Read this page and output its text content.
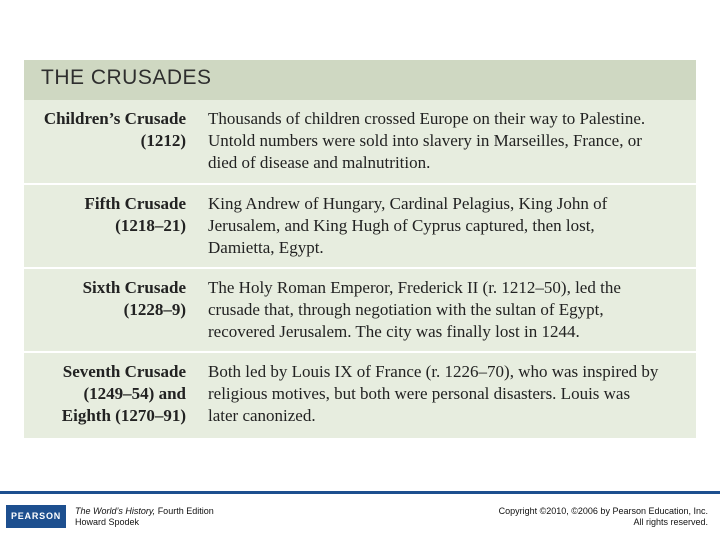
THE CRUSADES
Children’s Crusade
(1212)
Thousands of children crossed Europe on their way to Palestine.
Untold numbers were sold into slavery in Marseilles, France, or
died of disease and malnutrition.
Fifth Crusade
(1218–21)
King Andrew of Hungary, Cardinal Pelagius, King John of
Jerusalem, and King Hugh of Cyprus captured, then lost,
Damietta, Egypt.
Sixth Crusade
(1228–9)
The Holy Roman Emperor, Frederick II (r. 1212–50), led the
crusade that, through negotiation with the sultan of Egypt,
recovered Jerusalem. The city was finally lost in 1244.
Seventh Crusade
(1249–54) and
Eighth (1270–91)
Both led by Louis IX of France (r. 1226–70), who was inspired by
religious motives, but both were personal disasters. Louis was
later canonized.
PEARSON	The World’s History, Fourth Edition
Howard Spodek
Copyright ©2010, ©2006 by Pearson Education, Inc.
All rights reserved.
